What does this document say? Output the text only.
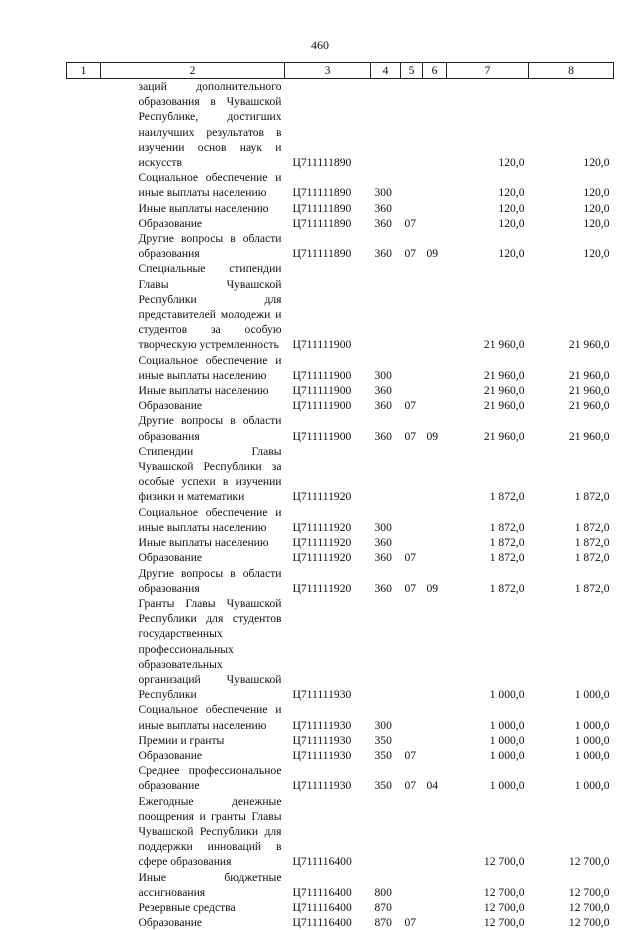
460
1	2	3	4	5	6	7	8
	заций дополнительного образования в Чувашской Республике, достигших наилучших результатов в изучении основ наук и искусств	Ц711111890				120,0	120,0
	Социальное обеспечение и иные выплаты населению	Ц711111890	300			120,0	120,0
	Иные выплаты населению	Ц711111890	360			120,0	120,0
	Образование	Ц711111890	360	07		120,0	120,0
	Другие вопросы в области образования	Ц711111890	360	07	09	120,0	120,0
	Специальные стипендии Главы Чувашской Республики для представителей молодежи и студентов за особую творческую устремленность	Ц711111900				21 960,0	21 960,0
	Социальное обеспечение и иные выплаты населению	Ц711111900	300			21 960,0	21 960,0
	Иные выплаты населению	Ц711111900	360			21 960,0	21 960,0
	Образование	Ц711111900	360	07		21 960,0	21 960,0
	Другие вопросы в области образования	Ц711111900	360	07	09	21 960,0	21 960,0
	Стипендии Главы Чувашской Республики за особые успехи в изучении физики и математики	Ц711111920				1 872,0	1 872,0
	Социальное обеспечение и иные выплаты населению	Ц711111920	300			1 872,0	1 872,0
	Иные выплаты населению	Ц711111920	360			1 872,0	1 872,0
	Образование	Ц711111920	360	07		1 872,0	1 872,0
	Другие вопросы в области образования	Ц711111920	360	07	09	1 872,0	1 872,0
	Гранты Главы Чувашской Республики для студентов государственных профессиональных образовательных организаций Чувашской Республики	Ц711111930				1 000,0	1 000,0
	Социальное обеспечение и иные выплаты населению	Ц711111930	300			1 000,0	1 000,0
	Премии и гранты	Ц711111930	350			1 000,0	1 000,0
	Образование	Ц711111930	350	07		1 000,0	1 000,0
	Среднее профессиональное образование	Ц711111930	350	07	04	1 000,0	1 000,0
	Ежегодные денежные поощрения и гранты Главы Чувашской Республики для поддержки инноваций в сфере образования	Ц711116400				12 700,0	12 700,0
	Иные бюджетные ассигнования	Ц711116400	800			12 700,0	12 700,0
	Резервные средства	Ц711116400	870			12 700,0	12 700,0
	Образование	Ц711116400	870	07		12 700,0	12 700,0
